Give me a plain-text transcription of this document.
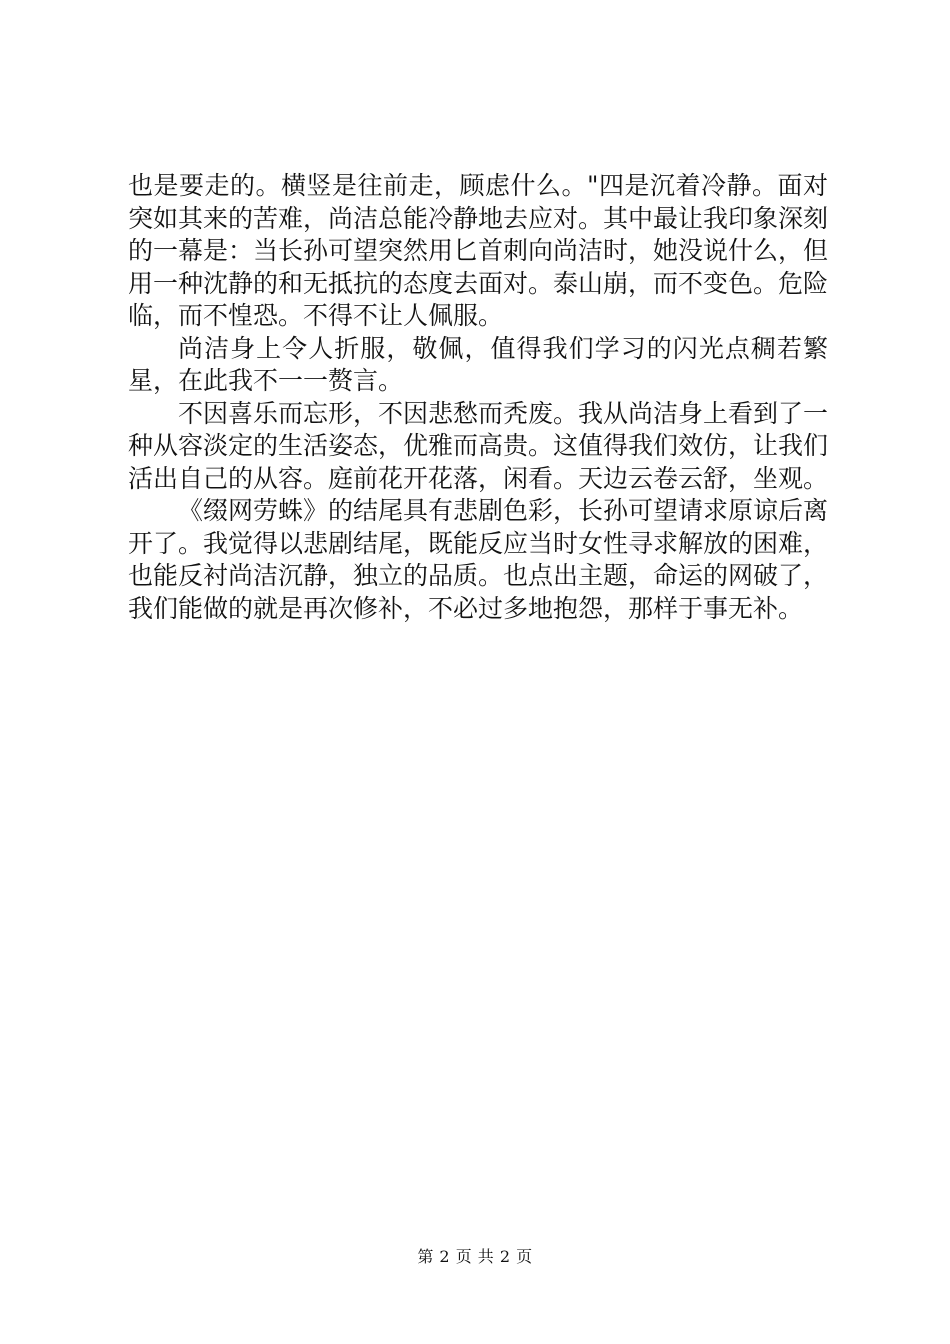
也是要走的。横竖是往前走，顾虑什么。"四是沉着冷静。面对突如其来的苦难，尚洁总能冷静地去应对。其中最让我印象深刻的一幕是：当长孙可望突然用匕首刺向尚洁时，她没说什么，但用一种沈静的和无抵抗的态度去面对。泰山崩，而不变色。危险临，而不惶恐。不得不让人佩服。

尚洁身上令人折服，敬佩，值得我们学习的闪光点稠若繁星，在此我不一一赘言。

不因喜乐而忘形，不因悲愁而秃废。我从尚洁身上看到了一种从容淡定的生活姿态，优雅而高贵。这值得我们效仿，让我们活出自己的从容。庭前花开花落，闲看。天边云卷云舒，坐观。

《缀网劳蛛》的结尾具有悲剧色彩，长孙可望请求原谅后离开了。我觉得以悲剧结尾，既能反应当时女性寻求解放的困难，也能反衬尚洁沉静，独立的品质。也点出主题，命运的网破了，我们能做的就是再次修补，不必过多地抱怨，那样于事无补。

第 2 页 共 2 页
